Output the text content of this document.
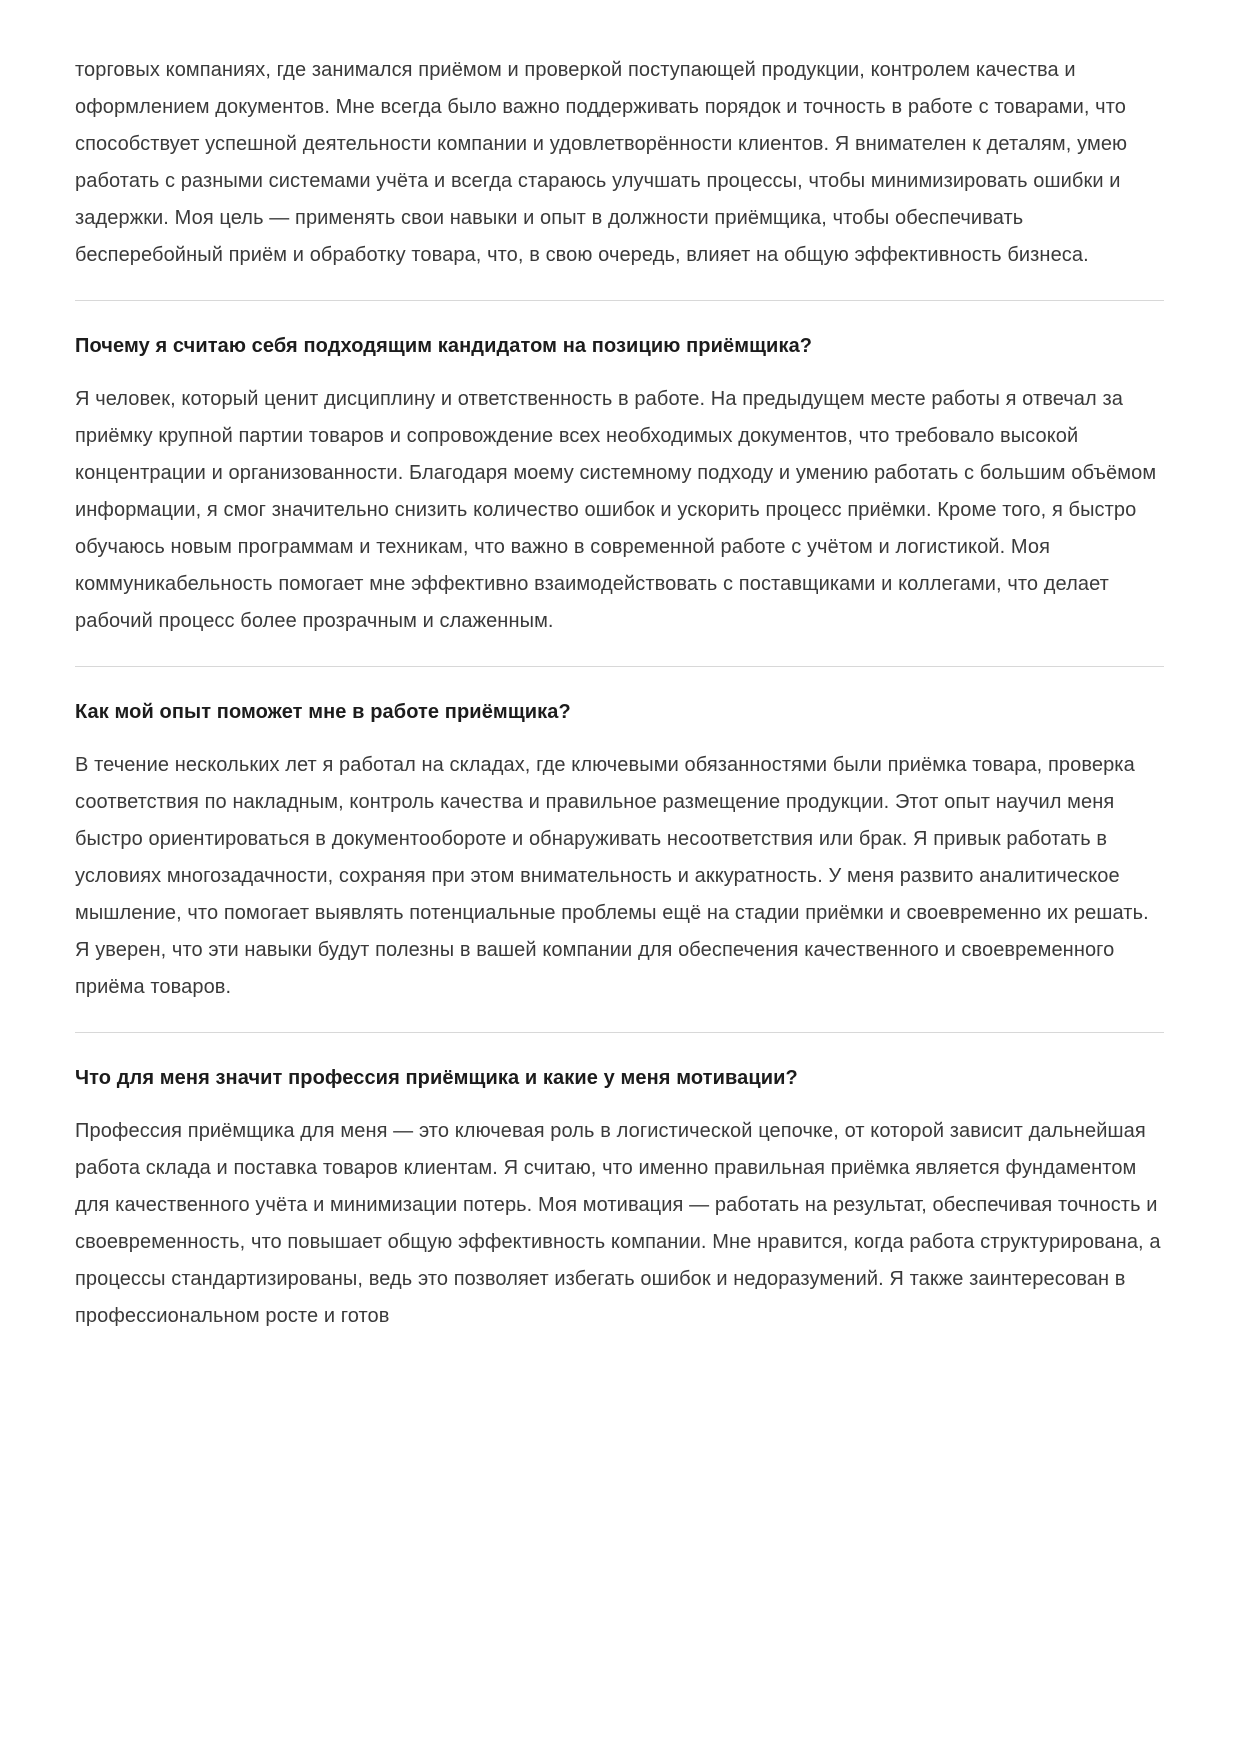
торговых компаниях, где занимался приёмом и проверкой поступающей продукции, контролем качества и оформлением документов. Мне всегда было важно поддерживать порядок и точность в работе с товарами, что способствует успешной деятельности компании и удовлетворённости клиентов. Я внимателен к деталям, умею работать с разными системами учёта и всегда стараюсь улучшать процессы, чтобы минимизировать ошибки и задержки. Моя цель — применять свои навыки и опыт в должности приёмщика, чтобы обеспечивать бесперебойный приём и обработку товара, что, в свою очередь, влияет на общую эффективность бизнеса.

Почему я считаю себя подходящим кандидатом на позицию приёмщика?

Я человек, который ценит дисциплину и ответственность в работе. На предыдущем месте работы я отвечал за приёмку крупной партии товаров и сопровождение всех необходимых документов, что требовало высокой концентрации и организованности. Благодаря моему системному подходу и умению работать с большим объёмом информации, я смог значительно снизить количество ошибок и ускорить процесс приёмки. Кроме того, я быстро обучаюсь новым программам и техникам, что важно в современной работе с учётом и логистикой. Моя коммуникабельность помогает мне эффективно взаимодействовать с поставщиками и коллегами, что делает рабочий процесс более прозрачным и слаженным.

Как мой опыт поможет мне в работе приёмщика?

В течение нескольких лет я работал на складах, где ключевыми обязанностями были приёмка товара, проверка соответствия по накладным, контроль качества и правильное размещение продукции. Этот опыт научил меня быстро ориентироваться в документообороте и обнаруживать несоответствия или брак. Я привык работать в условиях многозадачности, сохраняя при этом внимательность и аккуратность. У меня развито аналитическое мышление, что помогает выявлять потенциальные проблемы ещё на стадии приёмки и своевременно их решать. Я уверен, что эти навыки будут полезны в вашей компании для обеспечения качественного и своевременного приёма товаров.

Что для меня значит профессия приёмщика и какие у меня мотивации?

Профессия приёмщика для меня — это ключевая роль в логистической цепочке, от которой зависит дальнейшая работа склада и поставка товаров клиентам. Я считаю, что именно правильная приёмка является фундаментом для качественного учёта и минимизации потерь. Моя мотивация — работать на результат, обеспечивая точность и своевременность, что повышает общую эффективность компании. Мне нравится, когда работа структурирована, а процессы стандартизированы, ведь это позволяет избегать ошибок и недоразумений. Я также заинтересован в профессиональном росте и готов
